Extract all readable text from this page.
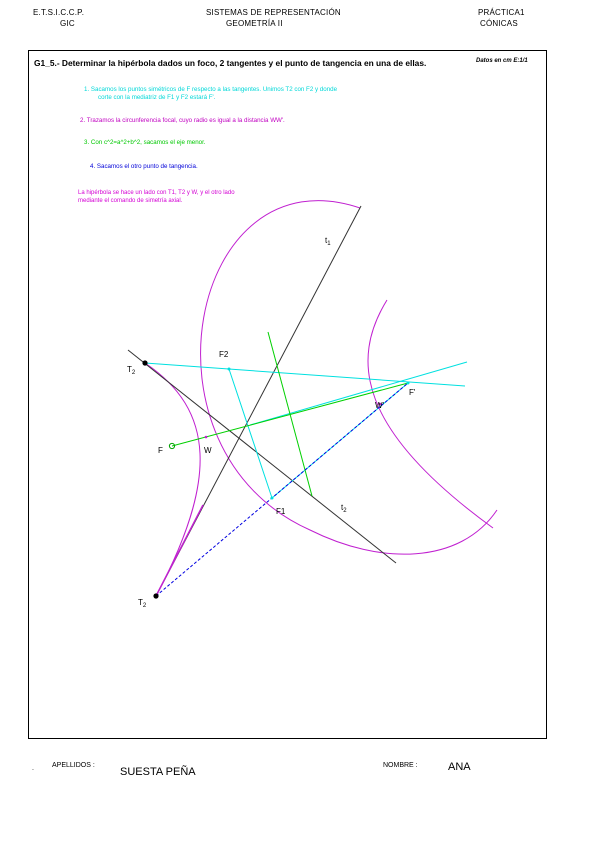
E.T.S.I.C.C.P.
GIC
SISTEMAS DE REPRESENTACIÓN
GEOMETRÍA II
PRÁCTICA1
CÓNICAS
G1_5.- Determinar la hipérbola dados un foco, 2 tangentes y el punto de tangencia en una de ellas.	Datos en cm E:1/1
1. Sacamos los puntos simétricos de F respecto a las tangentes. Unimos T2 con F2 y donde
corte con la mediatriz de F1 y F2 estará F'.
2. Trazamos la circunferencia focal, cuyo radio es igual a la distancia WW'.
3. Con c^2=a^2+b^2, sacamos el eje menor.
4. Sacamos el otro punto de tangencia.
La hipérbola se hace un lado con T1, T2 y W, y el otro lado mediante el comando de simetría axial.
$t_1$
$t_2$
F2
F1
F'
F	W
W'
$T_2$
$T_2$
.	APELLIDOS :
SUESTA PEÑA
NOMBRE :	ANA
